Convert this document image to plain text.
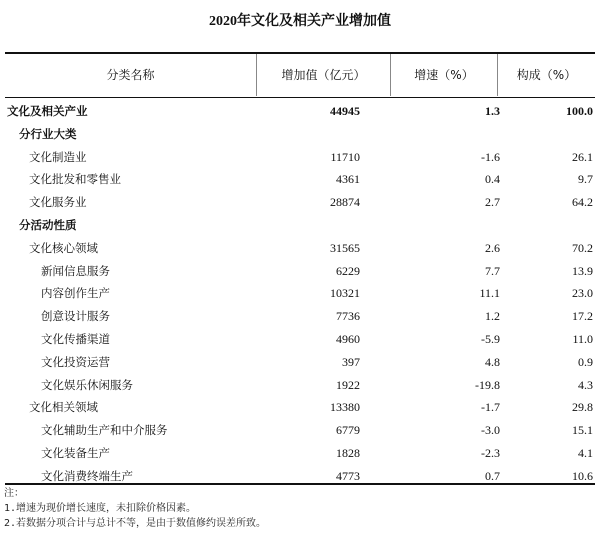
2020年文化及相关产业增加值
分类名称	增加值（亿元）	增速（%）	构成（%）
文化及相关产业	44945	1.3	100.0
分行业大类
文化制造业	11710	-1.6	26.1
文化批发和零售业	4361	0.4	9.7
文化服务业	28874	2.7	64.2
分活动性质
文化核心领域	31565	2.6	70.2
新闻信息服务	6229	7.7	13.9
内容创作生产	10321	11.1	23.0
创意设计服务	7736	1.2	17.2
文化传播渠道	4960	-5.9	11.0
文化投资运营	397	4.8	0.9
文化娱乐休闲服务	1922	-19.8	4.3
文化相关领域	13380	-1.7	29.8
文化辅助生产和中介服务	6779	-3.0	15.1
文化装备生产	1828	-2.3	4.1
文化消费终端生产	4773	0.7	10.6
注：
1.增速为现价增长速度，未扣除价格因素。
2.若数据分项合计与总计不等，是由于数值修约误差所致。
